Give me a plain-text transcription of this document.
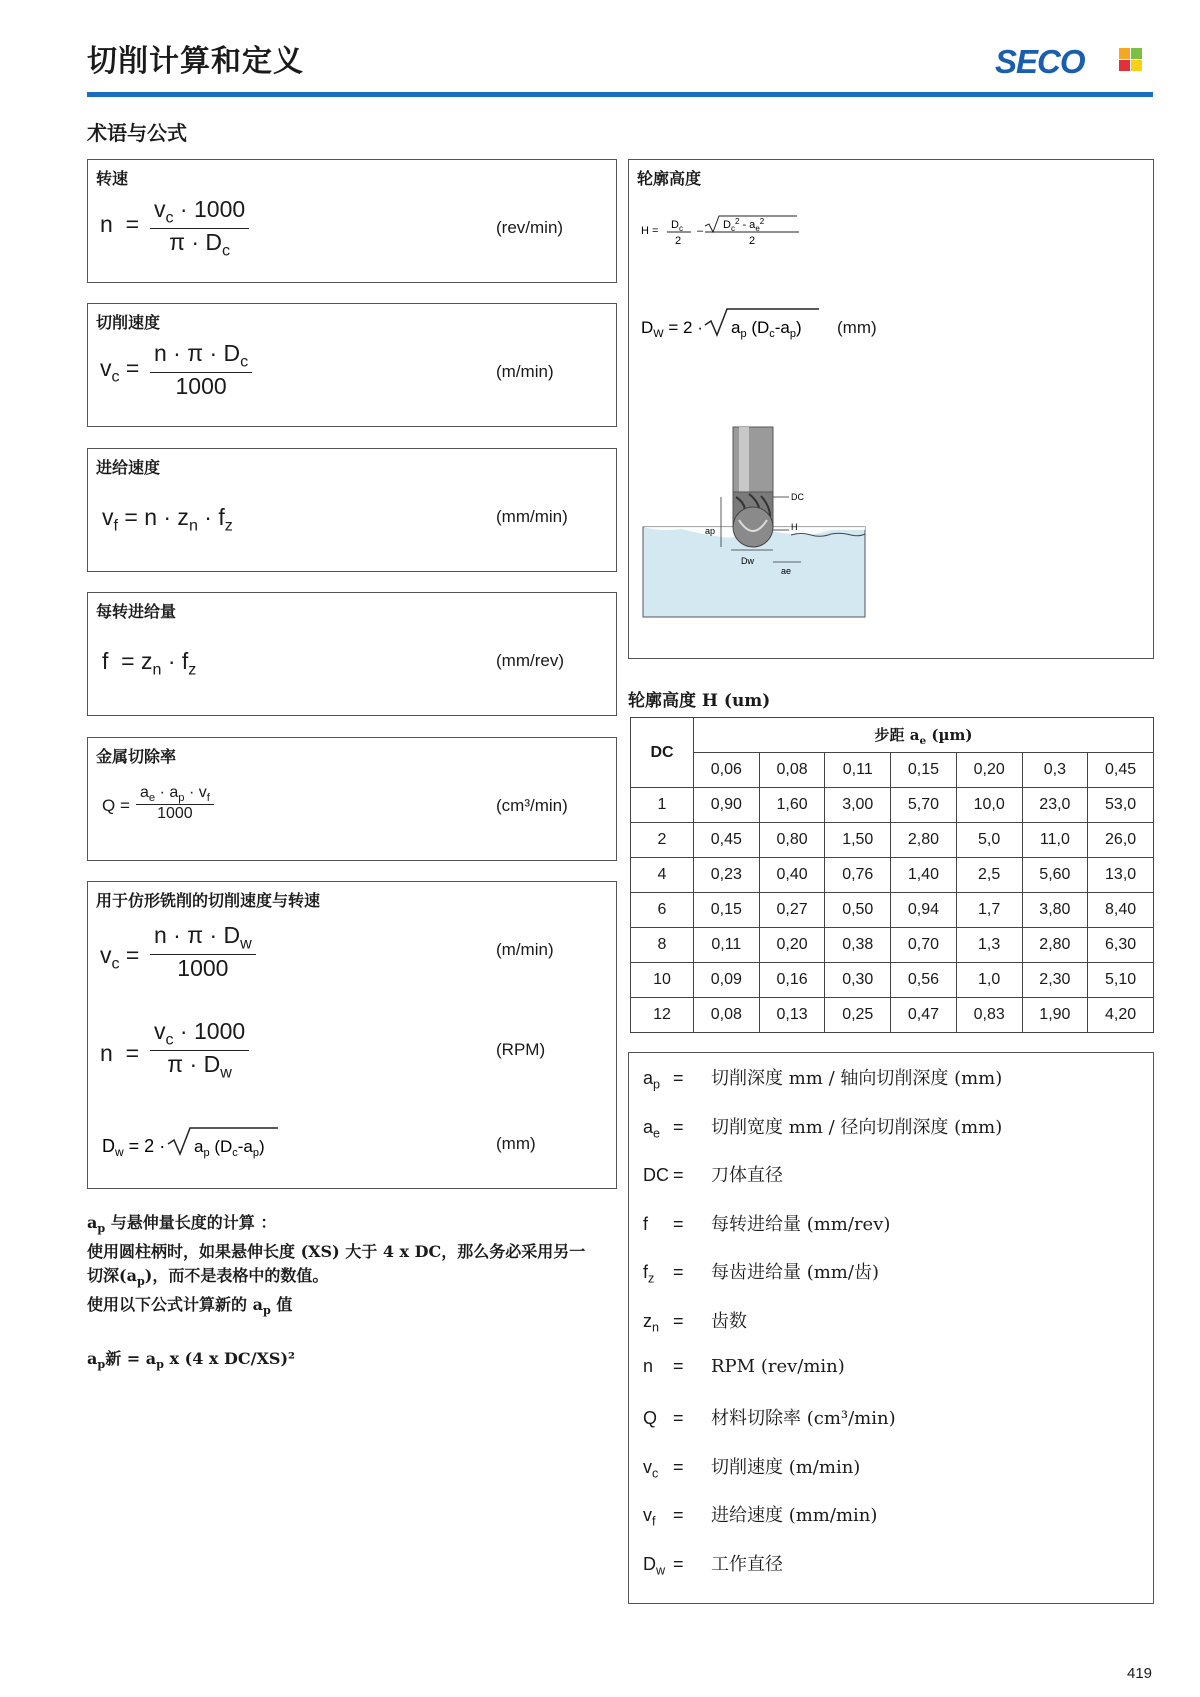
切削计算和定义	SECO
术语与公式
转速
$n = \frac{v_c \cdot 1000}{\pi \cdot D_c}$	(rev/min)
切削速度
$v_c = \frac{n \cdot \pi \cdot D_c}{1000}$	(m/min)
进给速度
$v_f = n \cdot z_n \cdot f_z$	(mm/min)
每转进给量
$f = z_n \cdot f_z$	(mm/rev)
金属切除率
$Q = \frac{a_e \cdot a_p \cdot v_f}{1000}$	(cm³/min)
用于仿形铣削的切削速度与转速
$v_c = \frac{n \cdot \pi \cdot D_w}{1000}$	(m/min)
$n = \frac{v_c \cdot 1000}{\pi \cdot D_w}$	(RPM)
$D_w = 2 \cdot a_p$ $(D_c-a_p)$	(mm)
$a_p$ 与悬伸量长度的计算 ：
使用圆柱柄时，如果悬伸长度 (XS) 大于 4 x DC，那么务必采用另一
切深$(a_p)$，而不是表格中的数值。
使用以下公式计算新的 $a_p$ 值
$a_p$新 = $a_p$ x (4 x DC/XS)²
轮廓高度
$H = D_c$
2
– $D_c^2 - a_e^2$
2
$D_W = 2 \cdot a_p$ $(D_c-a_p)$ (mm)
DC
ap	H
Dw
ae
轮廓高度 H (um)
DC	步距 $a_e$ (µm)						
	0,06	0,08	0,11	0,15	0,20	0,3	0,45
1	0,90	1,60	3,00	5,70	10,0	23,0	53,0
2	0,45	0,80	1,50	2,80	5,0	11,0	26,0
4	0,23	0,40	0,76	1,40	2,5	5,60	13,0
6	0,15	0,27	0,50	0,94	1,7	3,80	8,40
8	0,11	0,20	0,38	0,70	1,3	2,80	6,30
10	0,09	0,16	0,30	0,56	1,0	2,30	5,10
12	0,08	0,13	0,25	0,47	0,83	1,90	4,20
$a_p$ = 切削深度 mm / 轴向切削深度 (mm)
$a_e$ = 切削宽度 mm / 径向切削深度 (mm)
DC = 刀体直径
f = 每转进给量 (mm/rev)
$f_z$ = 每齿进给量 (mm/齿)
$z_n$ = 齿数
n = RPM (rev/min)
Q = 材料切除率 (cm³/min)
$v_c$ = 切削速度 (m/min)
$v_f$ = 进给速度 (mm/min)
$D_w$ = 工作直径
419
